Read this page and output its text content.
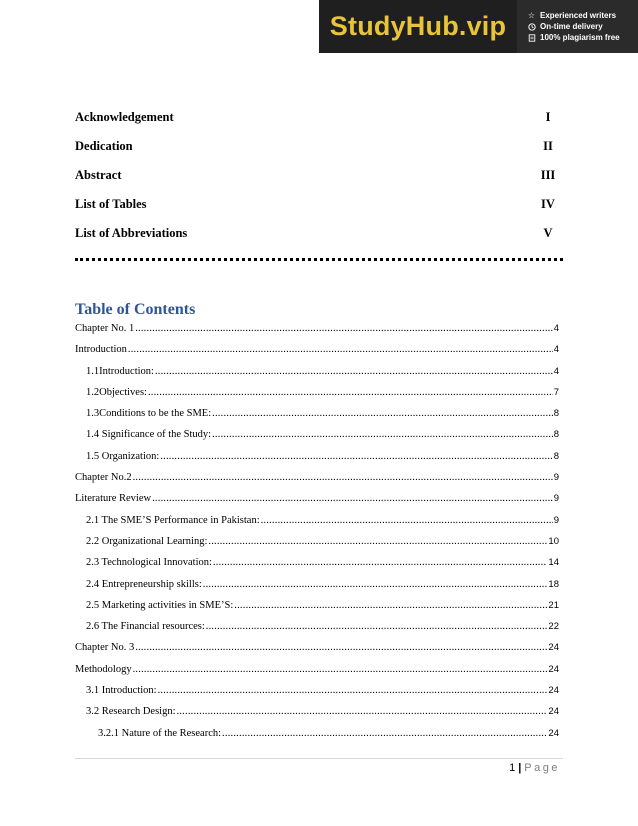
StudyHub.vip	☆ Experienced writers
On-time delivery
100% plagiarism free
Acknowledgement	I
Dedication	II
Abstract	III
List of Tables	IV
List of Abbreviations	V
Table of Contents
Chapter No. 1 .....	4
Introduction .....	4
1.1Introduction: .....	4
1.2Objectives: .....	7
1.3Conditions to be the SME: .....	8
1.4 Significance of the Study: .....	8
1.5 Organization: .....	8
Chapter No.2 .....	9
Literature Review .....	9
2.1 The SME’S Performance in Pakistan: .....	9
2.2 Organizational Learning: .....	10
2.3 Technological Innovation: .....	14
2.4 Entrepreneurship skills: .....	18
2.5 Marketing activities in SME’S: .....	21
2.6 The Financial resources: .....	22
Chapter No. 3 .....	24
Methodology .....	24
3.1 Introduction: .....	24
3.2 Research Design: .....	24
3.2.1 Nature of the Research: .....	24
1 | Page
